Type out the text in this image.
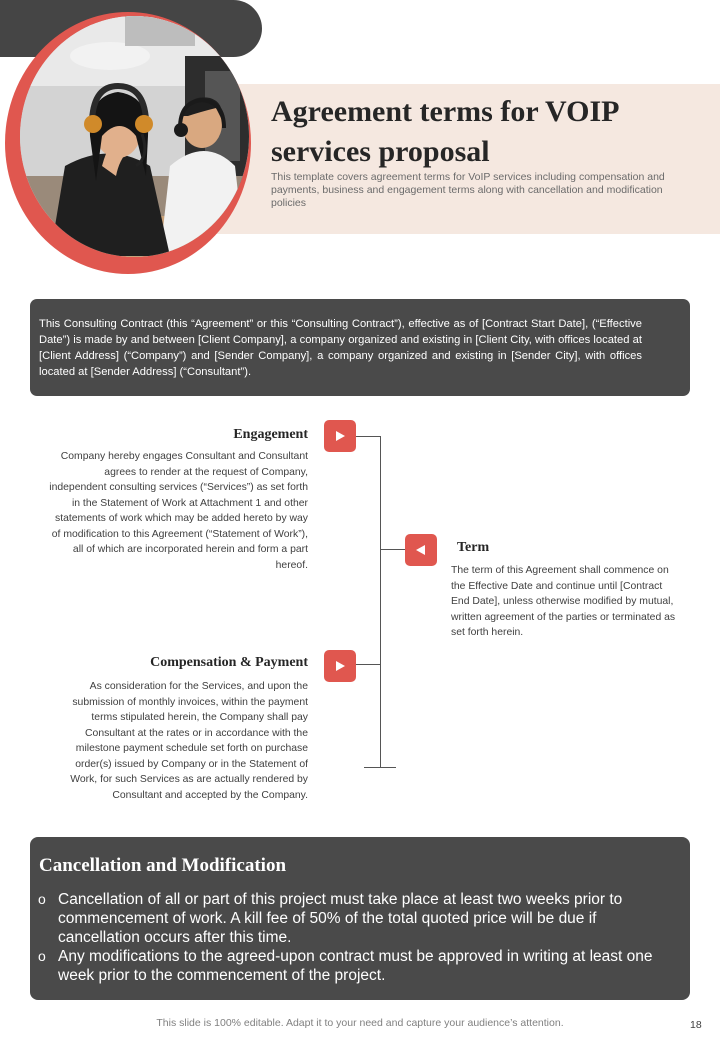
Agreement terms for VOIP services proposal

This template covers agreement terms for VoIP services including compensation and payments, business and engagement terms along with cancellation and modification policies

This Consulting Contract (this “Agreement” or this “Consulting Contract”), effective as of [Contract Start Date], (“Effective Date”) is made by and between [Client Company], a company organized and existing in [Client City, with offices located at [Client Address] (“Company”) and [Sender Company], a company organized and existing in [Sender City], with offices located at [Sender Address] (“Consultant”).

Engagement

Company hereby engages Consultant and Consultant agrees to render at the request of Company, independent consulting services (“Services”) as set forth in the Statement of Work at Attachment 1 and other statements of work which may be added hereto by way of modification to this Agreement (“Statement of Work”), all of which are incorporated herein and form a part hereof.

Term

The term of this Agreement shall commence on the Effective Date and continue until [Contract End Date], unless otherwise modified by mutual, written agreement of the parties or terminated as set forth herein.

Compensation & Payment

As consideration for the Services, and upon the submission of monthly invoices, within the payment terms stipulated herein, the Company shall pay Consultant at the rates or in accordance with the milestone payment schedule set forth on purchase order(s) issued by Company or in the Statement of Work, for such Services as are actually rendered by Consultant and accepted by the Company.

Cancellation and Modification
o Cancellation of all or part of this project must take place at least two weeks prior to commencement of work. A kill fee of 50% of the total quoted price will be due if cancellation occurs after this time.
o Any modifications to the agreed-upon contract must be approved in writing at least one week prior to the commencement of the project.

This slide is 100% editable. Adapt it to your need and capture your audience’s attention.	18
